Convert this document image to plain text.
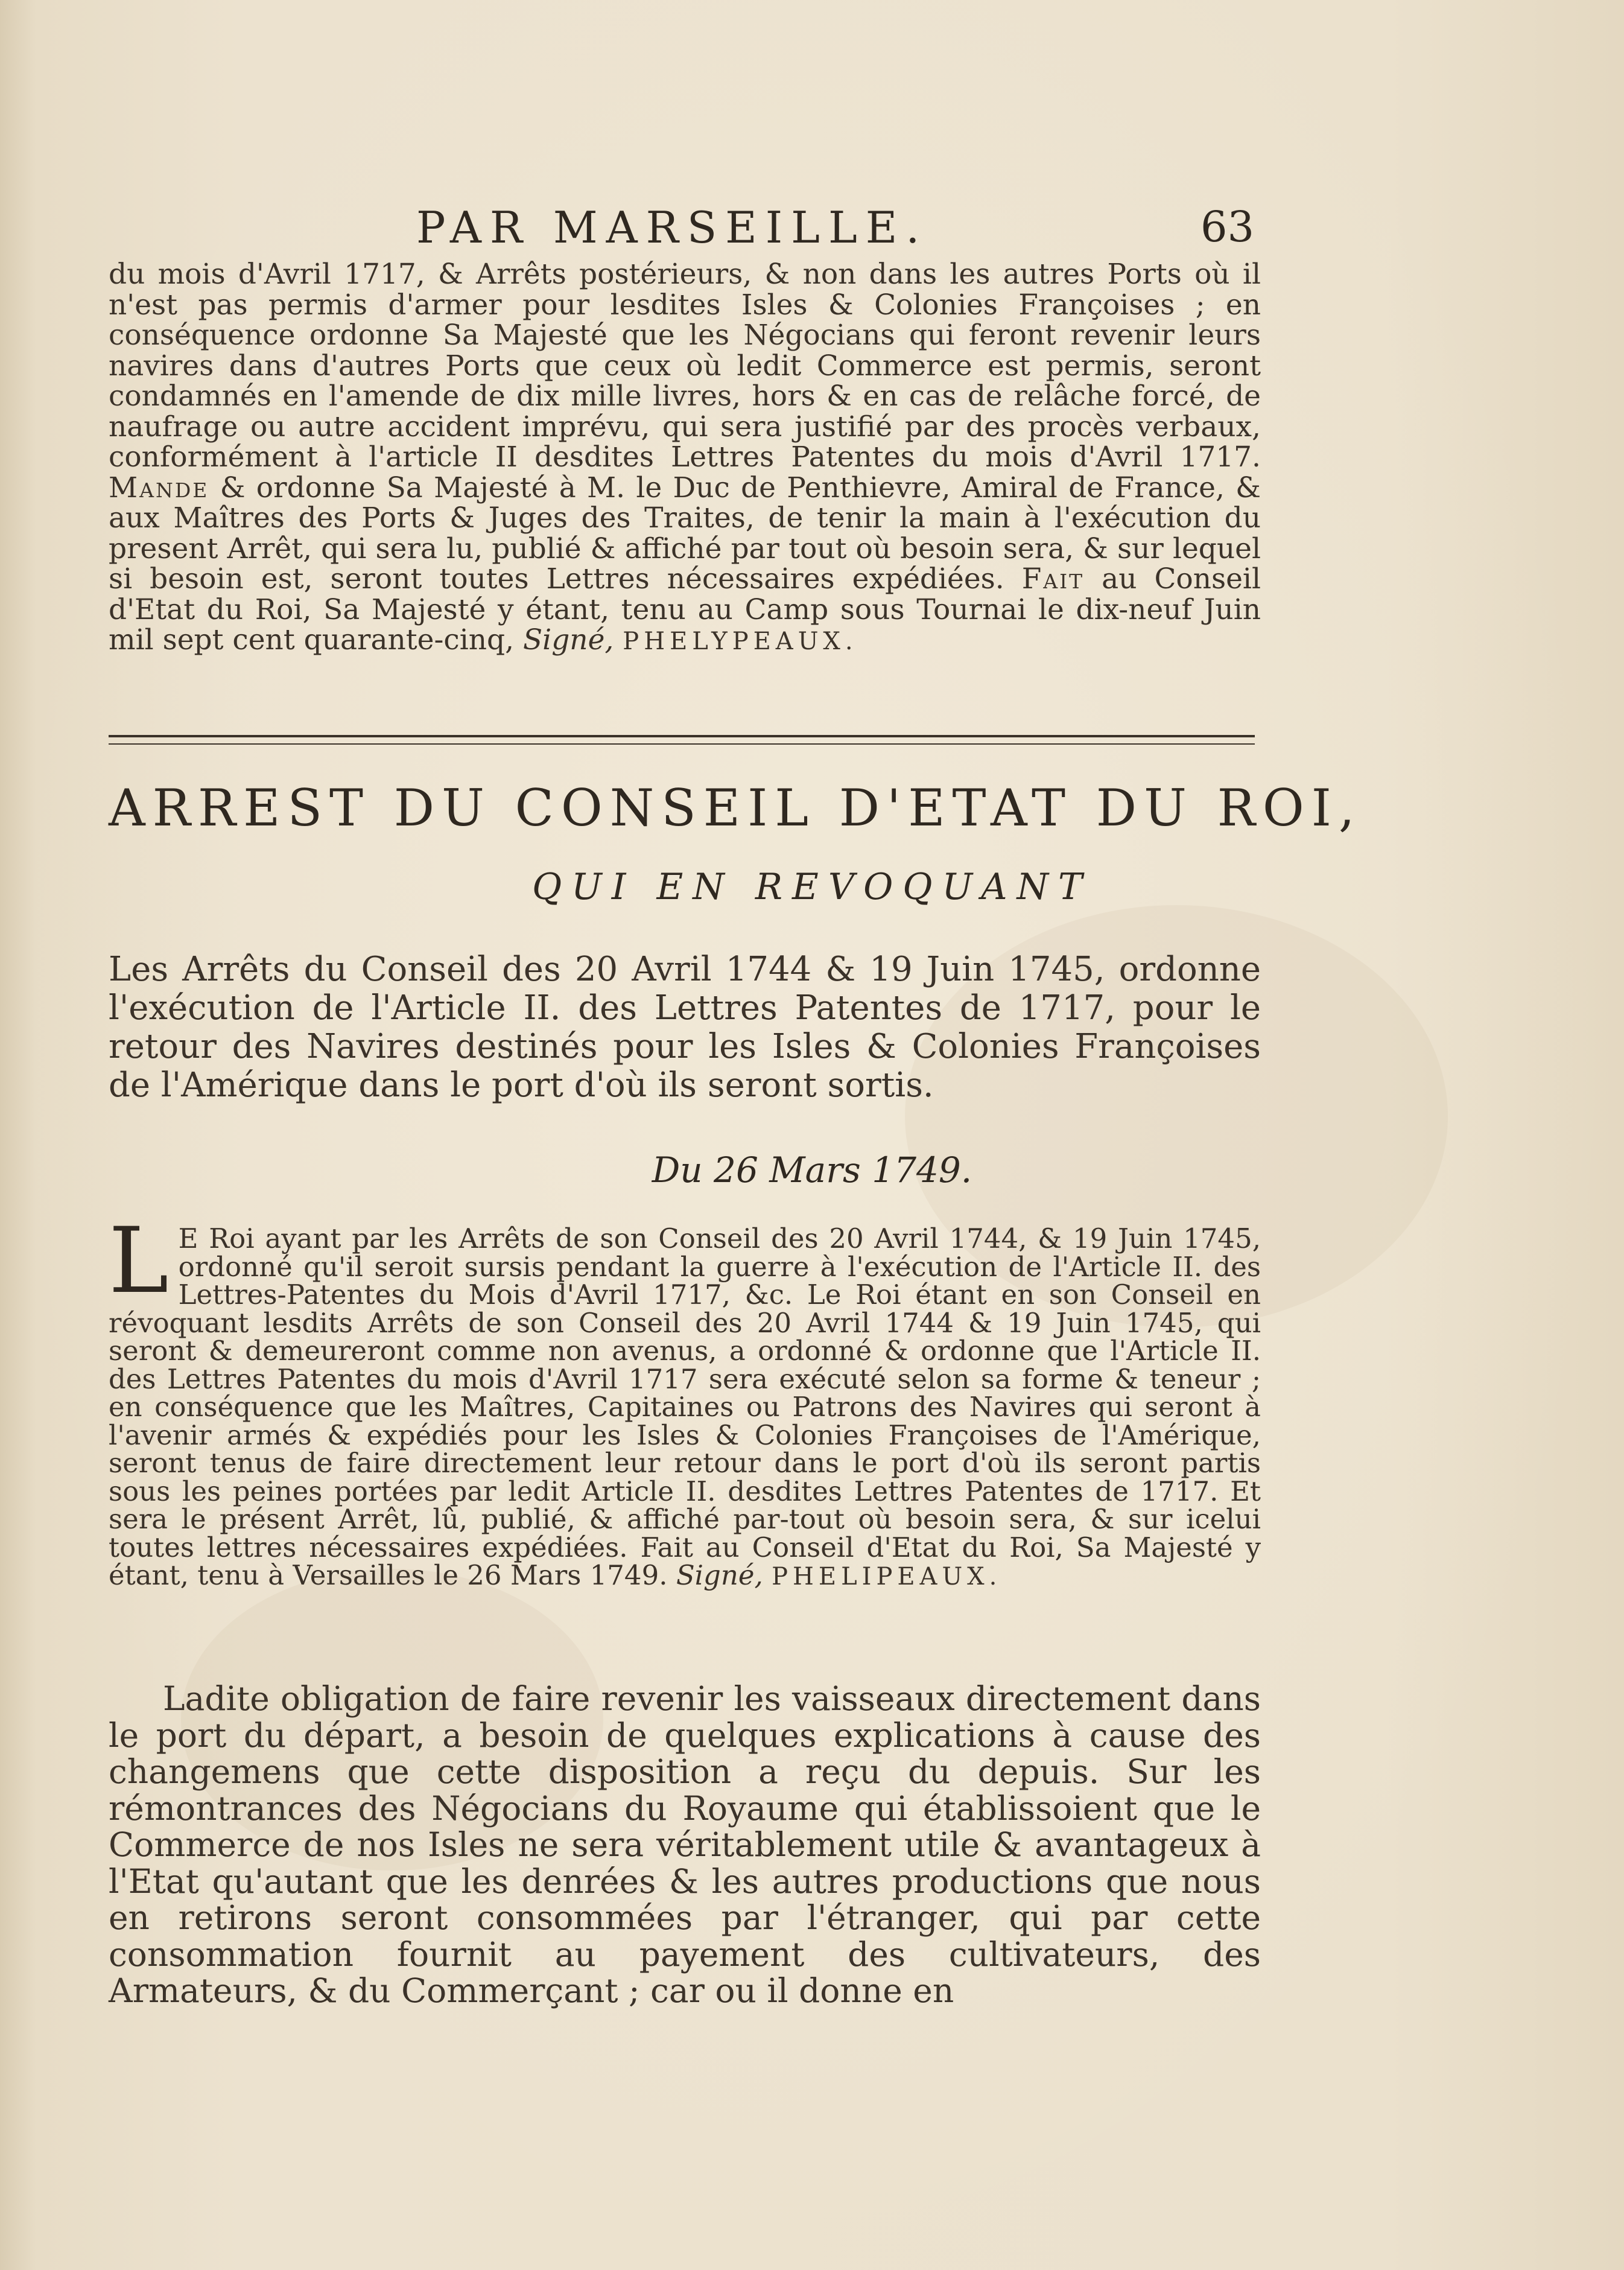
PAR MARSEILLE.	63
du mois d'Avril 1717, & Arrêts postérieurs, & non dans les autres Ports où il n'est pas permis d'armer pour lesdites Isles & Colonies Françoises ; en conséquence ordonne Sa Majesté que les Négocians qui feront revenir leurs navires dans d'autres Ports que ceux où ledit Commerce est permis, seront condamnés en l'amende de dix mille livres, hors & en cas de relâche forcé, de naufrage ou autre accident imprévu, qui sera justifié par des procès verbaux, conformément à l'article II desdites Lettres Patentes du mois d'Avril 1717. Mande & ordonne Sa Majesté à M. le Duc de Penthievre, Amiral de France, & aux Maîtres des Ports & Juges des Traites, de tenir la main à l'exécution du present Arrêt, qui sera lu, publié & affiché par tout où besoin sera, & sur lequel si besoin est, seront toutes Lettres nécessaires expédiées. Fait au Conseil d'Etat du Roi, Sa Majesté y étant, tenu au Camp sous Tournai le dix-neuf Juin mil sept cent quarante-cinq, Signé, PHELYPEAUX.
ARREST DU CONSEIL D'ETAT DU ROI,
QUI EN REVOQUANT
Les Arrêts du Conseil des 20 Avril 1744 & 19 Juin 1745, ordonne l'exécution de l'Article II. des Lettres Patentes de 1717, pour le retour des Navires destinés pour les Isles & Colonies Françoises de l'Amérique dans le port d'où ils seront sortis.
Du 26 Mars 1749.
L E Roi ayant par les Arrêts de son Conseil des 20 Avril 1744, & 19 Juin 1745, ordonné qu'il seroit sursis pendant la guerre à l'exécution de l'Article II. des Lettres-Patentes du Mois d'Avril 1717, &c. Le Roi étant en son Conseil en révoquant lesdits Arrêts de son Conseil des 20 Avril 1744 & 19 Juin 1745, qui seront & demeureront comme non avenus, a ordonné & ordonne que l'Article II. des Lettres Patentes du mois d'Avril 1717 sera exécuté selon sa forme & teneur ; en conséquence que les Maîtres, Capitaines ou Patrons des Navires qui seront à l'avenir armés & expédiés pour les Isles & Colonies Françoises de l'Amérique, seront tenus de faire directement leur retour dans le port d'où ils seront partis sous les peines portées par ledit Article II. desdites Lettres Patentes de 1717. Et sera le présent Arrêt, lû, publié, & affiché par-tout où besoin sera, & sur icelui toutes lettres nécessaires expédiées. Fait au Conseil d'Etat du Roi, Sa Majesté y étant, tenu à Versailles le 26 Mars 1749. Signé, PHELIPEAUX.
Ladite obligation de faire revenir les vaisseaux directement dans le port du départ, a besoin de quelques explications à cause des changemens que cette disposition a reçu du depuis. Sur les rémontrances des Négocians du Royaume qui établissoient que le Commerce de nos Isles ne sera véritablement utile & avantageux à l'Etat qu'autant que les denrées & les autres productions que nous en retirons seront consommées par l'étranger, qui par cette consommation fournit au payement des cultivateurs, des Armateurs, & du Commerçant ; car ou il donne en
